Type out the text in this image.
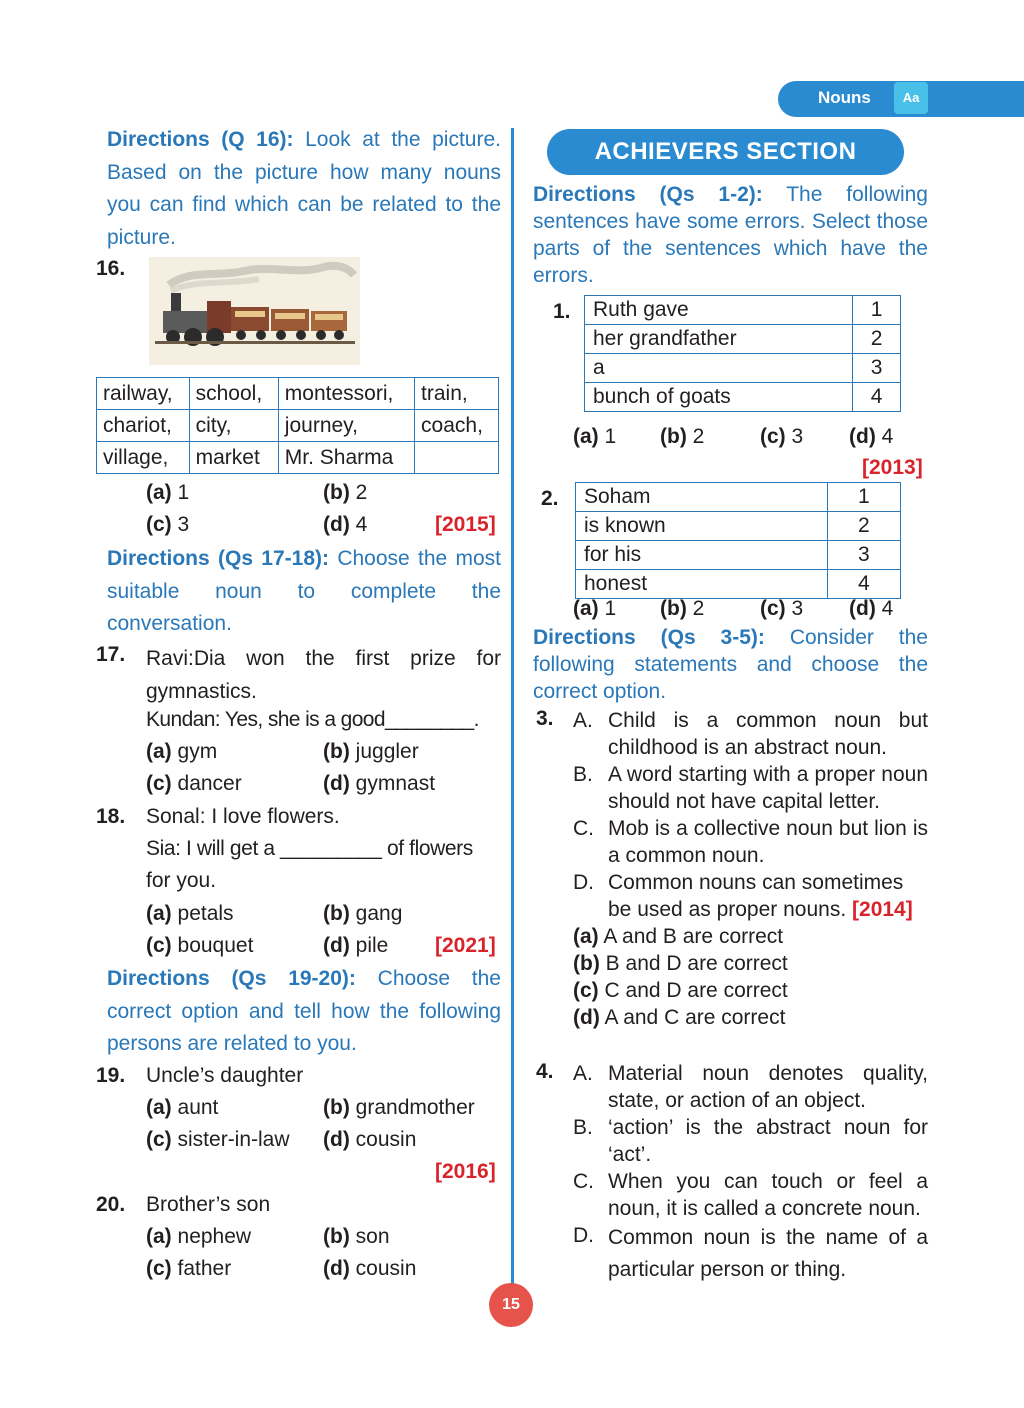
Nouns	Aa
Directions (Q 16): Look at the picture. Based on the picture how many nouns you can find which can be related to the picture.
16.
railway,	school,	montessori,	train,
chariot,	city,	journey,	coach,
village,	market	Mr. Sharma	
(a) 1	(b) 2
(c) 3	(d) 4	[2015]
Directions (Qs 17-18): Choose the most suitable noun to complete the conversation.
17. Ravi:Dia won the first prize for gymnastics.
Kundan: Yes, she is a good________.
(a) gym	(b) juggler
(c) dancer	(d) gymnast
18. Sonal: I love flowers.
Sia: I will get a _________ of flowers
for you.
(a) petals	(b) gang
(c) bouquet	(d) pile [2021]
Directions (Qs 19-20): Choose the correct option and tell how the following persons are related to you.
19. Uncle’s daughter
(a) aunt	(b) grandmother
(c) sister-in-law (d) cousin
[2016]
20. Brother’s son
(a) nephew	(b) son
(c) father	(d) cousin
ACHIEVERS SECTION
Directions (Qs 1-2): The following sentences have some errors. Select those parts of the sentences which have the errors.
1. Ruth gave	1
her grandfather	2
a	3
bunch of goats	4
(a) 1 (b) 2	(c) 3 (d) 4
[2013]
2. Soham	1
is known	2
for his	3
honest	4
(a) 1 (b) 2	(c) 3 (d) 4
Directions (Qs 3-5): Consider the following statements and choose the correct option.
3. A. Child is a common noun but childhood is an abstract noun.
B. A word starting with a proper noun should not have capital letter.
C. Mob is a collective noun but lion is a common noun.
D. Common nouns can sometimes be used as proper nouns. [2014]
(a) A and B are correct
(b) B and D are correct
(c) C and D are correct
(d) A and C are correct
4. A. Material noun denotes quality, state, or action of an object.
B. ‘action’ is the abstract noun for ‘act’.
C. When you can touch or feel a noun, it is called a concrete noun.
D. Common noun is the name of a particular person or thing.
15
